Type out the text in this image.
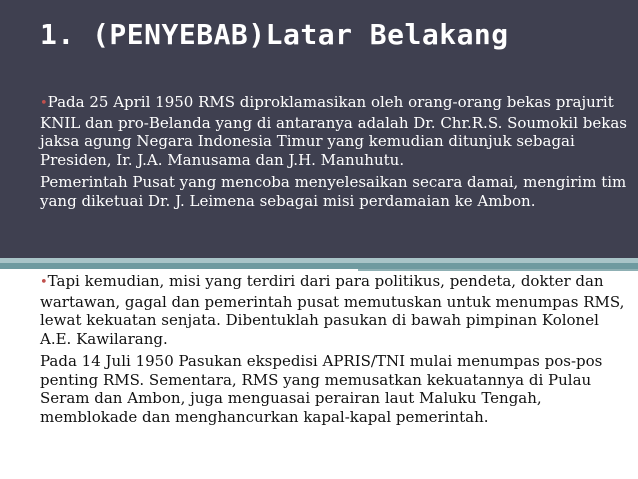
1. (PENYEBAB)Latar Belakang

•Pada 25 April 1950 RMS diproklamasikan oleh orang-orang bekas prajurit KNIL dan pro-Belanda yang di antaranya adalah Dr. Chr.R.S. Soumokil bekas jaksa agung Negara Indonesia Timur yang kemudian ditunjuk sebagai Presiden, Ir. J.A. Manusama dan J.H. Manuhutu.

Pemerintah Pusat yang mencoba menyelesaikan secara damai, mengirim tim yang diketuai Dr. J. Leimena sebagai misi perdamaian ke Ambon.

•Tapi kemudian, misi yang terdiri dari para politikus, pendeta, dokter dan wartawan, gagal dan pemerintah pusat memutuskan untuk menumpas RMS, lewat kekuatan senjata. Dibentuklah pasukan di bawah pimpinan Kolonel A.E. Kawilarang.

Pada 14 Juli 1950 Pasukan ekspedisi APRIS/TNI mulai menumpas pos-pos penting RMS. Sementara, RMS yang memusatkan kekuatannya di Pulau Seram dan Ambon, juga menguasai perairan laut Maluku Tengah, memblokade dan menghancurkan kapal-kapal pemerintah.
